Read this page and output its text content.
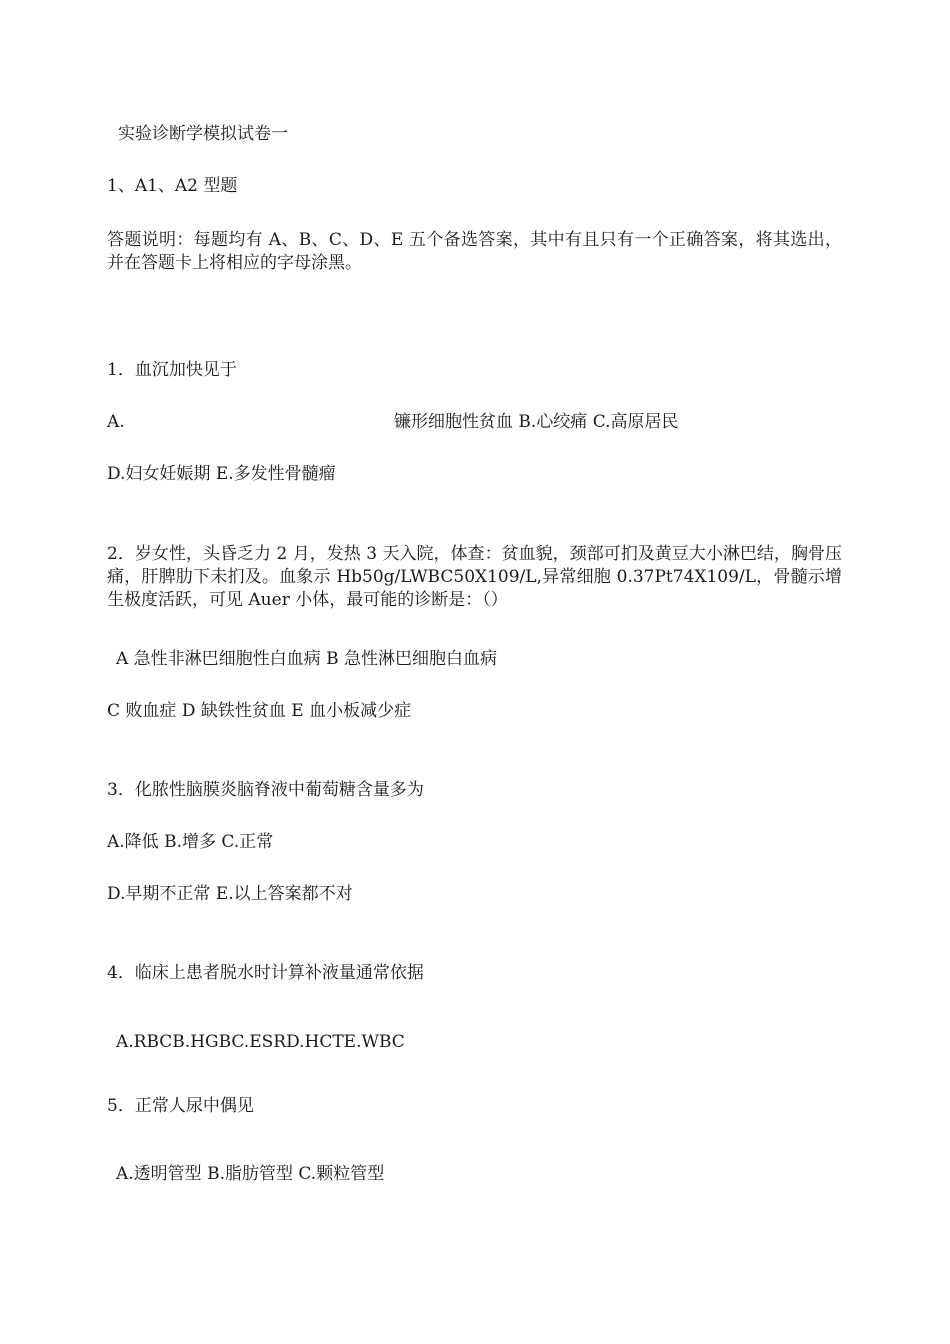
实验诊断学模拟试卷一
1、A1、A2 型题
答题说明：每题均有 A、B、C、D、E 五个备选答案，其中有且只有一个正确答案，将其选出，并在答题卡上将相应的字母涂黑。
1．血沉加快见于
A.	镰形细胞性贫血 B.心绞痛 C.高原居民
D.妇女妊娠期 E.多发性骨髓瘤
2．岁女性，头昏乏力 2 月，发热 3 天入院，体查：贫血貌，颈部可扪及黄豆大小淋巴结，胸骨压痛，肝脾肋下未扪及。血象示 Hb50g/LWBC50X109/L,异常细胞 0.37Pt74X109/L，骨髓示增生极度活跃，可见 Auer 小体，最可能的诊断是：（）
A 急性非淋巴细胞性白血病 B 急性淋巴细胞白血病
C 败血症 D 缺铁性贫血 E 血小板减少症
3．化脓性脑膜炎脑脊液中葡萄糖含量多为
A.降低 B.增多 C.正常
D.早期不正常 E.以上答案都不对
4．临床上患者脱水时计算补液量通常依据
A.RBCB.HGBC.ESRD.HCTE.WBC
5．正常人尿中偶见
A.透明管型 B.脂肪管型 C.颗粒管型
